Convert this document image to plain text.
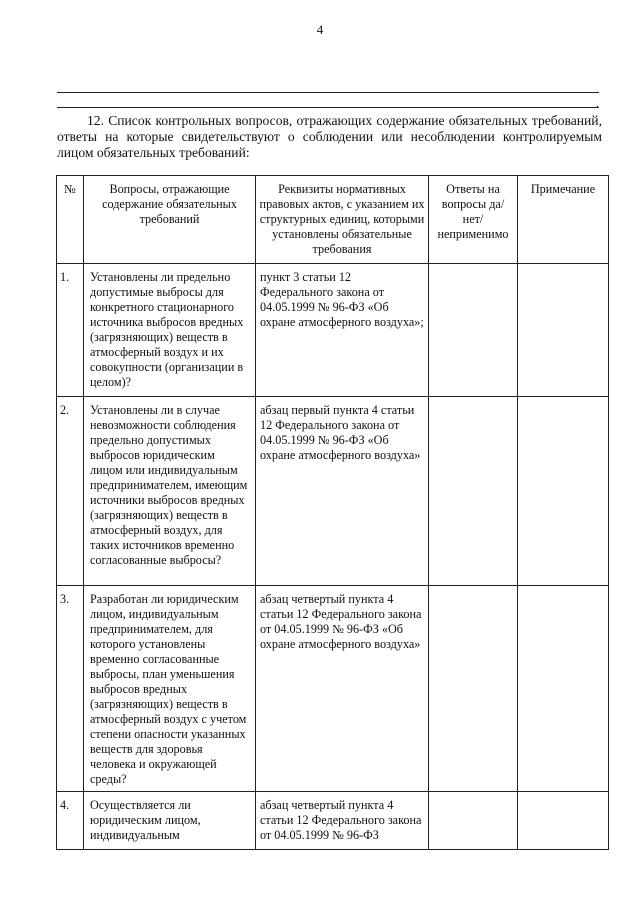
4
.
12. Список контрольных вопросов, отражающих содержание обязательных требований, ответы на которые свидетельствуют о соблюдении или несоблюдении контролируемым лицом обязательных требований:
№	Вопросы, отражающие содержание обязательных требований	Реквизиты нормативных правовых актов, с указанием их структурных единиц, которыми установлены обязательные требования	Ответы на вопросы да/нет/ неприменимо	Примечание
1.	Установлены ли предельно допустимые выбросы для конкретного стационарного источника выбросов вредных (загрязняющих) веществ в атмосферный воздух и их совокупности (организации в целом)?	пункт 3 статьи 12 Федерального закона от 04.05.1999 № 96-ФЗ «Об охране атмосферного воздуха»;		
2.	Установлены ли в случае невозможности соблюдения предельно допустимых выбросов юридическим лицом или индивидуальным предпринимателем, имеющим источники выбросов вредных (загрязняющих) веществ в атмосферный воздух, для таких источников временно согласованные выбросы?	абзац первый пункта 4 статьи 12 Федерального закона от 04.05.1999 № 96-ФЗ «Об охране атмосферного воздуха»		
3.	Разработан ли юридическим лицом, индивидуальным предпринимателем, для которого установлены временно согласованные выбросы, план уменьшения выбросов вредных (загрязняющих) веществ в атмосферный воздух с учетом степени опасности указанных веществ для здоровья человека и окружающей среды?	абзац четвертый пункта 4 статьи 12 Федерального закона от 04.05.1999 № 96-ФЗ «Об охране атмосферного воздуха»		
4.	Осуществляется ли юридическим лицом, индивидуальным	абзац четвертый пункта 4 статьи 12 Федерального закона от 04.05.1999 № 96-ФЗ		
